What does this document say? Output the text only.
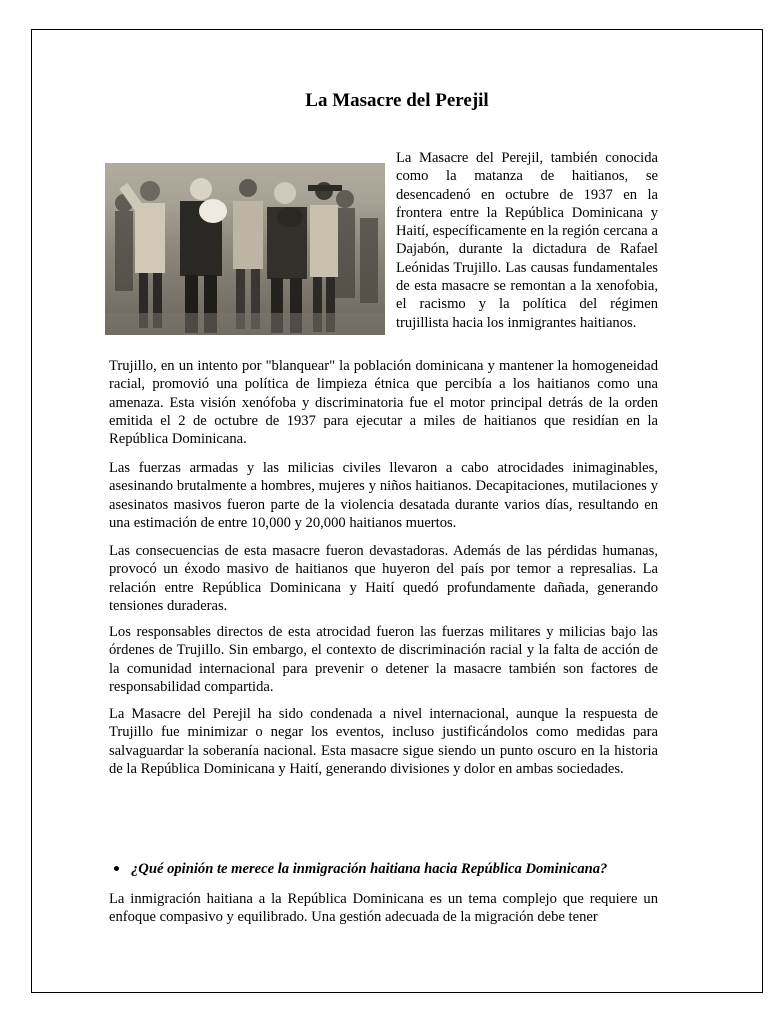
La Masacre del Perejil

La Masacre del Perejil, también conocida como la matanza de haitianos, se desencadenó en octubre de 1937 en la frontera entre la República Dominicana y Haití, específicamente en la región cercana a Dajabón, durante la dictadura de Rafael Leónidas Trujillo. Las causas fundamentales de esta masacre se remontan a la xenofobia, el racismo y la política del régimen trujillista hacia los inmigrantes haitianos.

Trujillo, en un intento por "blanquear" la población dominicana y mantener la homogeneidad racial, promovió una política de limpieza étnica que percibía a los haitianos como una amenaza. Esta visión xenófoba y discriminatoria fue el motor principal detrás de la orden emitida el 2 de octubre de 1937 para ejecutar a miles de haitianos que residían en la República Dominicana.

Las fuerzas armadas y las milicias civiles llevaron a cabo atrocidades inimaginables, asesinando brutalmente a hombres, mujeres y niños haitianos. Decapitaciones, mutilaciones y asesinatos masivos fueron parte de la violencia desatada durante varios días, resultando en una estimación de entre 10,000 y 20,000 haitianos muertos.

Las consecuencias de esta masacre fueron devastadoras. Además de las pérdidas humanas, provocó un éxodo masivo de haitianos que huyeron del país por temor a represalias. La relación entre República Dominicana y Haití quedó profundamente dañada, generando tensiones duraderas.

Los responsables directos de esta atrocidad fueron las fuerzas militares y milicias bajo las órdenes de Trujillo. Sin embargo, el contexto de discriminación racial y la falta de acción de la comunidad internacional para prevenir o detener la masacre también son factores de responsabilidad compartida.

La Masacre del Perejil ha sido condenada a nivel internacional, aunque la respuesta de Trujillo fue minimizar o negar los eventos, incluso justificándolos como medidas para salvaguardar la soberanía nacional. Esta masacre sigue siendo un punto oscuro en la historia de la República Dominicana y Haití, generando divisiones y dolor en ambas sociedades.

¿Qué opinión te merece la inmigración haitiana hacia República Dominicana?

La inmigración haitiana a la República Dominicana es un tema complejo que requiere un enfoque compasivo y equilibrado. Una gestión adecuada de la migración debe tener
